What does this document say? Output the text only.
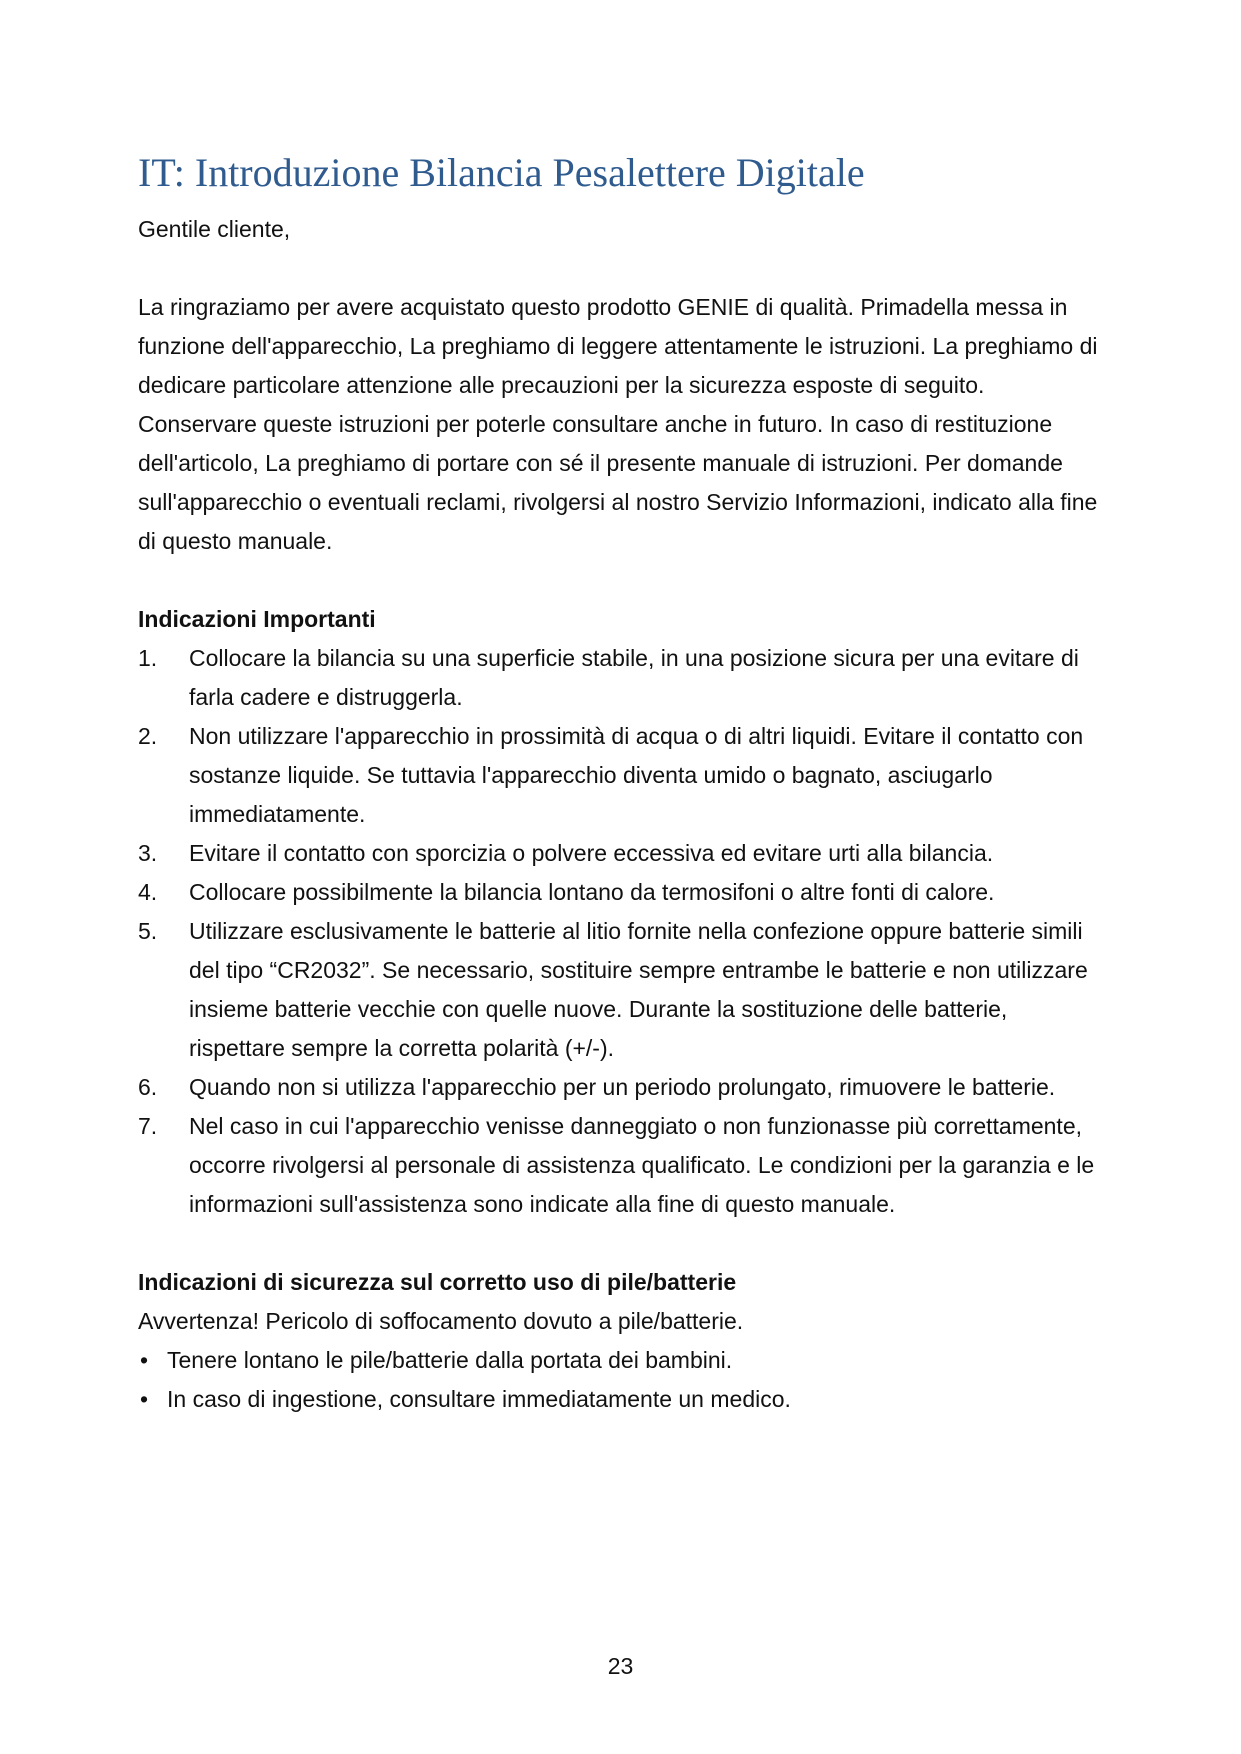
IT: Introduzione Bilancia Pesalettere Digitale

Gentile cliente,

La ringraziamo per avere acquistato questo prodotto GENIE di qualità. Primadella messa in funzione dell'apparecchio, La preghiamo di leggere attentamente le istruzioni. La preghiamo di dedicare particolare attenzione alle precauzioni per la sicurezza esposte di seguito. Conservare queste istruzioni per poterle consultare anche in futuro. In caso di restituzione dell'articolo, La preghiamo di portare con sé il presente manuale di istruzioni. Per domande sull'apparecchio o eventuali reclami, rivolgersi al nostro Servizio Informazioni, indicato alla fine di questo manuale.

Indicazioni Importanti
1. Collocare la bilancia su una superficie stabile, in una posizione sicura per una evitare di farla cadere e distruggerla.
2. Non utilizzare l'apparecchio in prossimità di acqua o di altri liquidi. Evitare il contatto con sostanze liquide. Se tuttavia l'apparecchio diventa umido o bagnato, asciugarlo immediatamente.
3. Evitare il contatto con sporcizia o polvere eccessiva ed evitare urti alla bilancia.
4. Collocare possibilmente la bilancia lontano da termosifoni o altre fonti di calore.
5. Utilizzare esclusivamente le batterie al litio fornite nella confezione oppure batterie simili del tipo “CR2032”. Se necessario, sostituire sempre entrambe le batterie e non utilizzare insieme batterie vecchie con quelle nuove. Durante la sostituzione delle batterie, rispettare sempre la corretta polarità (+/-).
6. Quando non si utilizza l'apparecchio per un periodo prolungato, rimuovere le batterie.
7. Nel caso in cui l'apparecchio venisse danneggiato o non funzionasse più correttamente, occorre rivolgersi al personale di assistenza qualificato. Le condizioni per la garanzia e le informazioni sull'assistenza sono indicate alla fine di questo manuale.
Indicazioni di sicurezza sul corretto uso di pile/batterie

Avvertenza! Pericolo di soffocamento dovuto a pile/batterie.

• Tenere lontano le pile/batterie dalla portata dei bambini.
• In caso di ingestione, consultare immediatamente un medico.
23
